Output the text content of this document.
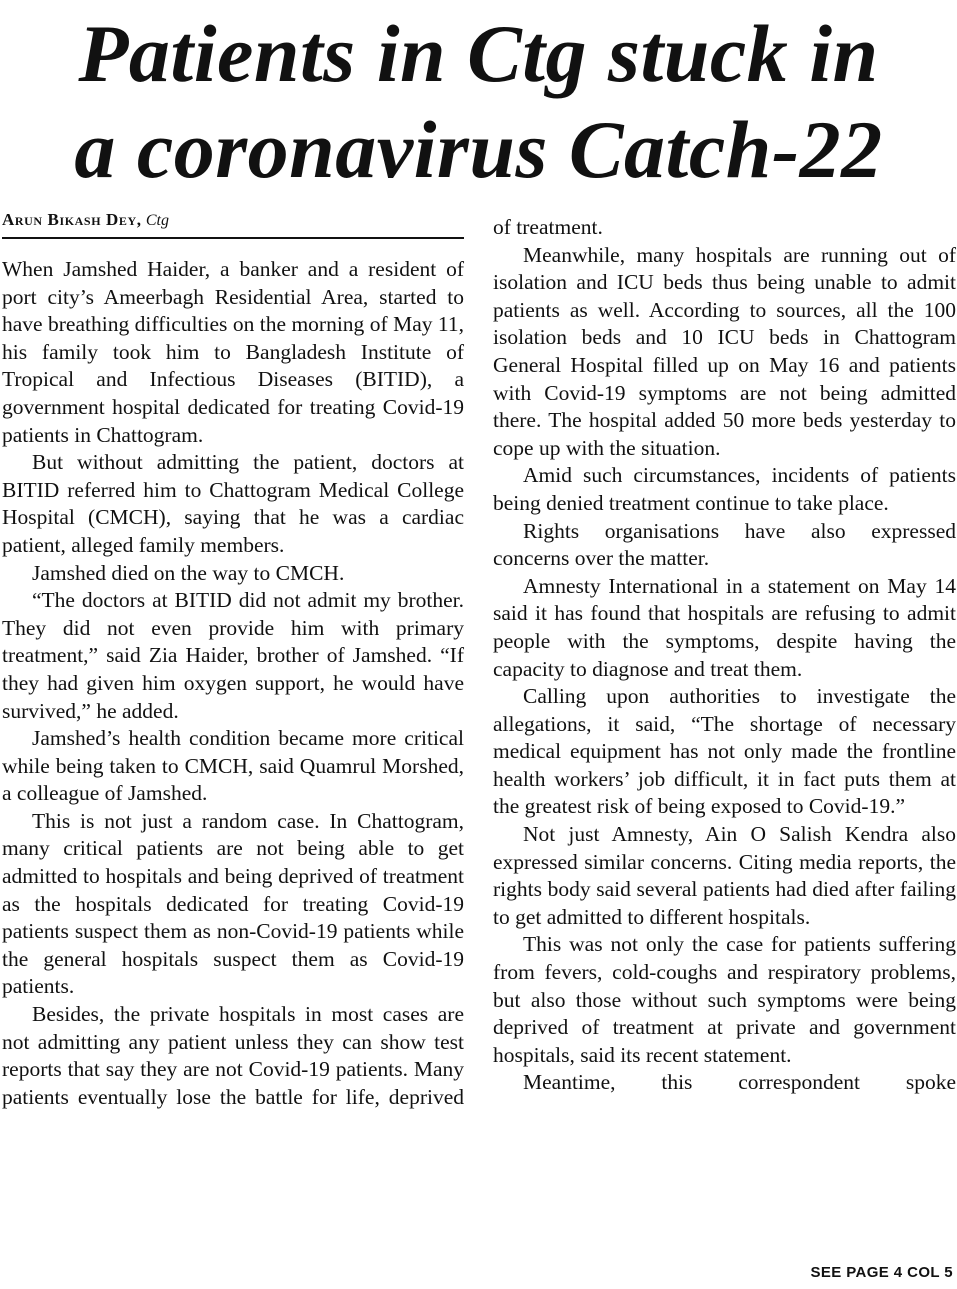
Patients in Ctg stuck in
a coronavirus Catch-22
Arun Bikash Dey, Ctg

When Jamshed Haider, a banker and a resident of port city’s Ameerbagh Residential Area, started to have breathing difficulties on the morning of May 11, his family took him to Bangladesh Institute of Tropical and Infectious Diseases (BITID), a government hospital dedicated for treating Covid-19 patients in Chattogram.

But without admitting the patient, doctors at BITID referred him to Chattogram Medical College Hospital (CMCH), saying that he was a cardiac patient, alleged family members.

Jamshed died on the way to CMCH.

“The doctors at BITID did not admit my brother. They did not even provide him with primary treatment,” said Zia Haider, brother of Jamshed. “If they had given him oxygen support, he would have survived,” he added.

Jamshed’s health condition became more critical while being taken to CMCH, said Quamrul Morshed, a colleague of Jamshed.

This is not just a random case. In Chattogram, many critical patients are not being able to get admitted to hospitals and being deprived of treatment as the hospitals dedicated for treating Covid-19 patients suspect them as non-Covid-19 patients while the general hospitals suspect them as Covid-19 patients.

Besides, the private hospitals in most cases are not admitting any patient unless they can show test reports that say they are not Covid-19 patients. Many patients eventually lose the battle for life, deprived

of treatment.

Meanwhile, many hospitals are running out of isolation and ICU beds thus being unable to admit patients as well. According to sources, all the 100 isolation beds and 10 ICU beds in Chattogram General Hospital filled up on May 16 and patients with Covid-19 symptoms are not being admitted there. The hospital added 50 more beds yesterday to cope up with the situation.

Amid such circumstances, incidents of patients being denied treatment continue to take place.

Rights organisations have also expressed concerns over the matter.

Amnesty International in a statement on May 14 said it has found that hospitals are refusing to admit people with the symptoms, despite having the capacity to diagnose and treat them.

Calling upon authorities to investigate the allegations, it said, “The shortage of necessary medical equipment has not only made the frontline health workers’ job difficult, it in fact puts them at the greatest risk of being exposed to Covid-19.”

Not just Amnesty, Ain O Salish Kendra also expressed similar concerns. Citing media reports, the rights body said several patients had died after failing to get admitted to different hospitals.

This was not only the case for patients suffering from fevers, cold-coughs and respiratory problems, but also those without such symptoms were being deprived of treatment at private and government hospitals, said its recent statement.

Meantime, this correspondent spoke

SEE PAGE 4 COL 5
